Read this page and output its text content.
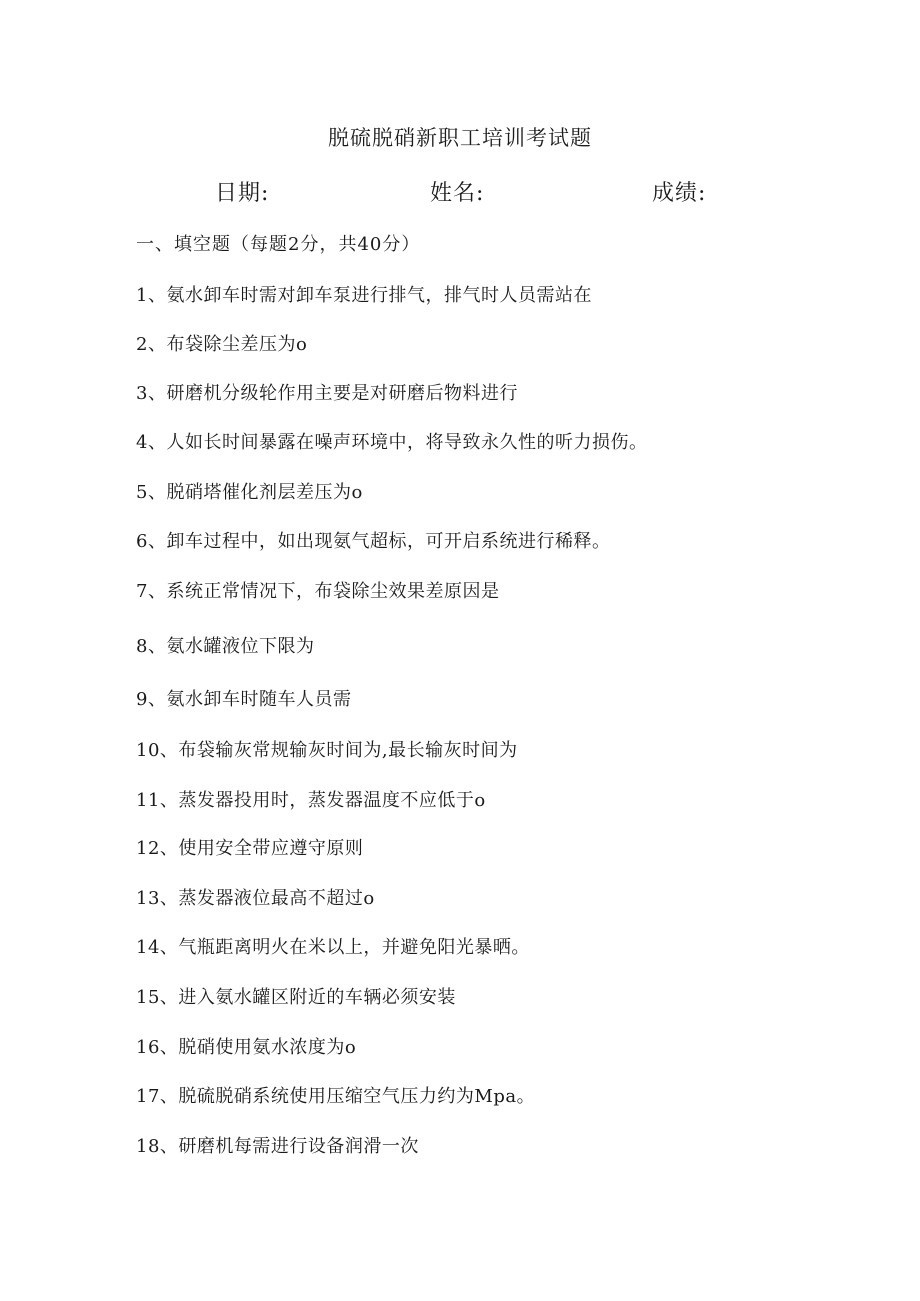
脱硫脱硝新职工培训考试题
日期:	姓名:	成绩:
一、填空题（每题2分，共40分）
1、氨水卸车时需对卸车泵进行排气，排气时人员需站在
2、布袋除尘差压为o
3、研磨机分级轮作用主要是对研磨后物料进行
4、人如长时间暴露在噪声环境中，将导致永久性的听力损伤。
5、脱硝塔催化剂层差压为o
6、卸车过程中，如出现氨气超标，可开启系统进行稀释。
7、系统正常情况下，布袋除尘效果差原因是
8、氨水罐液位下限为
9、氨水卸车时随车人员需
10、布袋输灰常规输灰时间为,最长输灰时间为
11、蒸发器投用时，蒸发器温度不应低于o
12、使用安全带应遵守原则
13、蒸发器液位最高不超过o
14、气瓶距离明火在米以上，并避免阳光暴晒。
15、进入氨水罐区附近的车辆必须安装
16、脱硝使用氨水浓度为o
17、脱硫脱硝系统使用压缩空气压力约为Mpa。
18、研磨机每需进行设备润滑一次
